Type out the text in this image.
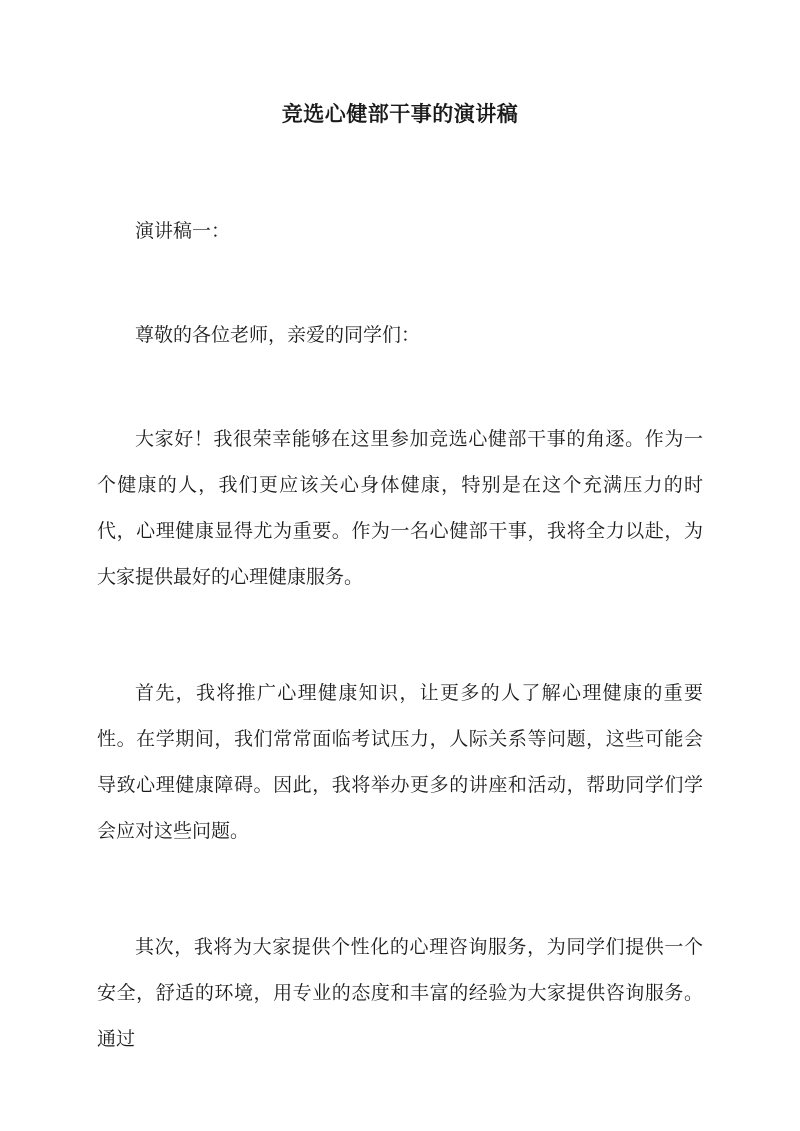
竞选心健部干事的演讲稿

演讲稿一：

尊敬的各位老师，亲爱的同学们：

大家好！我很荣幸能够在这里参加竞选心健部干事的角逐。作为一个健康的人，我们更应该关心身体健康，特别是在这个充满压力的时代，心理健康显得尤为重要。作为一名心健部干事，我将全力以赴，为大家提供最好的心理健康服务。

首先，我将推广心理健康知识，让更多的人了解心理健康的重要性。在学期间，我们常常面临考试压力，人际关系等问题，这些可能会导致心理健康障碍。因此，我将举办更多的讲座和活动，帮助同学们学会应对这些问题。

其次，我将为大家提供个性化的心理咨询服务，为同学们提供一个安全，舒适的环境，用专业的态度和丰富的经验为大家提供咨询服务。通过
